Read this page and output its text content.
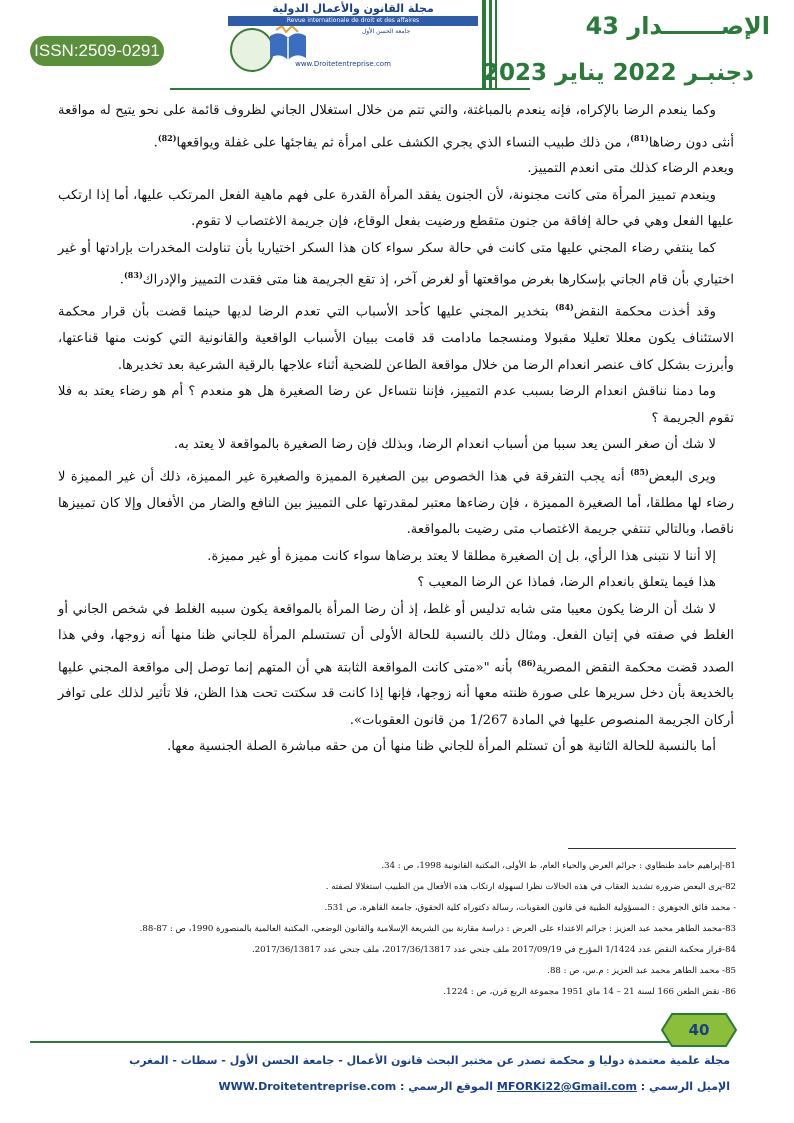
ISSN:2509-0291
مجلة القانون والأعمال الدولية
Revue internationale de droit et des affaires
جامعة الحسن الأول
www.Droitetentreprise.com
الإصـــــــدار 43
دجنبـر 2022 يناير 2023

وكما ينعدم الرضا بالإكراه، فإنه ينعدم بالمباغتة، والتي تتم من خلال استغلال الجاني لظروف قائمة على نحو يتيح له مواقعة أنثى دون رضاها$^{(81)}$، من ذلك طبيب النساء الذي يجري الكشف على امرأة ثم يفاجئها على غفلة ويواقعها$^{(82)}$.

ويعدم الرضاء كذلك متى انعدم التمييز.

وينعدم تمييز المرأة متى كانت مجنونة، لأن الجنون يفقد المرأة القدرة على فهم ماهية الفعل المرتكب عليها، أما إذا ارتكب عليها الفعل وهي في حالة إفاقة من جنون متقطع ورضيت بفعل الوقاع، فإن جريمة الاغتصاب لا تقوم.

كما ينتفي رضاء المجني عليها متى كانت في حالة سكر سواء كان هذا السكر اختياريا بأن تناولت المخدرات بإرادتها أو غير اختياري بأن قام الجاني بإسكارها بغرض مواقعتها أو لغرض آخر، إذ تقع الجريمة هنا متى فقدت التمييز والإدراك$^{(83)}$.

وقد أخذت محكمة النقض$^{(84)}$ بتخدير المجني عليها كأحد الأسباب التي تعدم الرضا لديها حينما قضت بأن قرار محكمة الاستئناف يكون معللا تعليلا مقبولا ومنسجما مادامت قد قامت ببيان الأسباب الواقعية والقانونية التي كونت منها قناعتها، وأبرزت بشكل كاف عنصر انعدام الرضا من خلال مواقعة الطاعن للضحية أثناء علاجها بالرقية الشرعية بعد تخديرها.

وما دمنا نناقش انعدام الرضا بسبب عدم التمييز، فإننا نتساءل عن رضا الصغيرة هل هو منعدم ؟ أم هو رضاء يعتد به فلا تقوم الجريمة ؟

لا شك أن صغر السن يعد سببا من أسباب انعدام الرضا، وبذلك فإن رضا الصغيرة بالمواقعة لا يعتد به.

ويرى البعض$^{(85)}$ أنه يجب التفرقة في هذا الخصوص بين الصغيرة المميزة والصغيرة غير المميزة، ذلك أن غير المميزة لا رضاء لها مطلقا، أما الصغيرة المميزة ، فإن رضاءها معتبر لمقدرتها على التمييز بين النافع والضار من الأفعال وإلا كان تمييزها ناقصا، وبالتالي تنتفي جريمة الاغتصاب متى رضيت بالمواقعة.

إلا أننا لا نتبنى هذا الرأي، بل إن الصغيرة مطلقا لا يعتد برضاها سواء كانت مميزة أو غير مميزة.

هذا فيما يتعلق بانعدام الرضا، فماذا عن الرضا المعيب ؟

لا شك أن الرضا يكون معيبا متى شابه تدليس أو غلط، إذ أن رضا المرأة بالمواقعة يكون سببه الغلط في شخص الجاني أو الغلط في صفته في إتيان الفعل. ومثال ذلك بالنسبة للحالة الأولى أن تستسلم المرأة للجاني ظنا منها أنه زوجها، وفي هذا الصدد قضت محكمة النقض المصرية$^{(86)}$ بأنه "«متى كانت المواقعة الثابتة هي أن المتهم إنما توصل إلى مواقعة المجني عليها بالخديعة بأن دخل سريرها على صورة ظنته معها أنه زوجها، فإنها إذا كانت قد سكتت تحت هذا الظن، فلا تأثير لذلك على توافر أركان الجريمة المنصوص عليها في المادة 1/267 من قانون العقوبات».

أما بالنسبة للحالة الثانية هو أن تستلم المرأة للجاني ظنا منها أن من حقه مباشرة الصلة الجنسية معها.

81-إبراهيم حامد طنطاوي : جرائم العرض والحياء العام، ط الأولى، المكتبة القانونية 1998، ص : 34.
82-يرى البعض ضرورة تشديد العقاب في هذه الحالات نظرا لسهولة ارتكاب هذه الأفعال من الطبيب استغلالا لصفته .
- محمد فائق الجوهري : المسؤولية الطبية في قانون العقوبات، رسالة دكتوراه كلية الحقوق، جامعة القاهرة، ص 531.
83-محمد الطاهر محمد عبد العزيز : جرائم الاعتداء على العرض : دراسة مقارنة بين الشريعة الإسلامية والقانون الوضعي، المكتبة العالمية بالمنصورة 1990، ص : 87-88.
84-قرار محكمة النقض عدد 1/1424 المؤرخ في 2017/09/19 ملف جنحي عدد 2017/36/13817، ملف جنحي عدد 2017/36/13817.
85- محمد الطاهر محمد عبد العزيز : م.س، ص : 88.
86- نقض الطعن 166 لسنة 21 – 14 ماي 1951 مجموعة الربع قرن، ص : 1224.
40
مجلة علمية معتمدة دوليا و محكمة تصدر عن مختبر البحث قانون الأعمال - جامعة الحسن الأول - سطات - المغرب
الإميل الرسمي : MFORKi22@Gmail.com الموقع الرسمي : WWW.Droitetentreprise.com
